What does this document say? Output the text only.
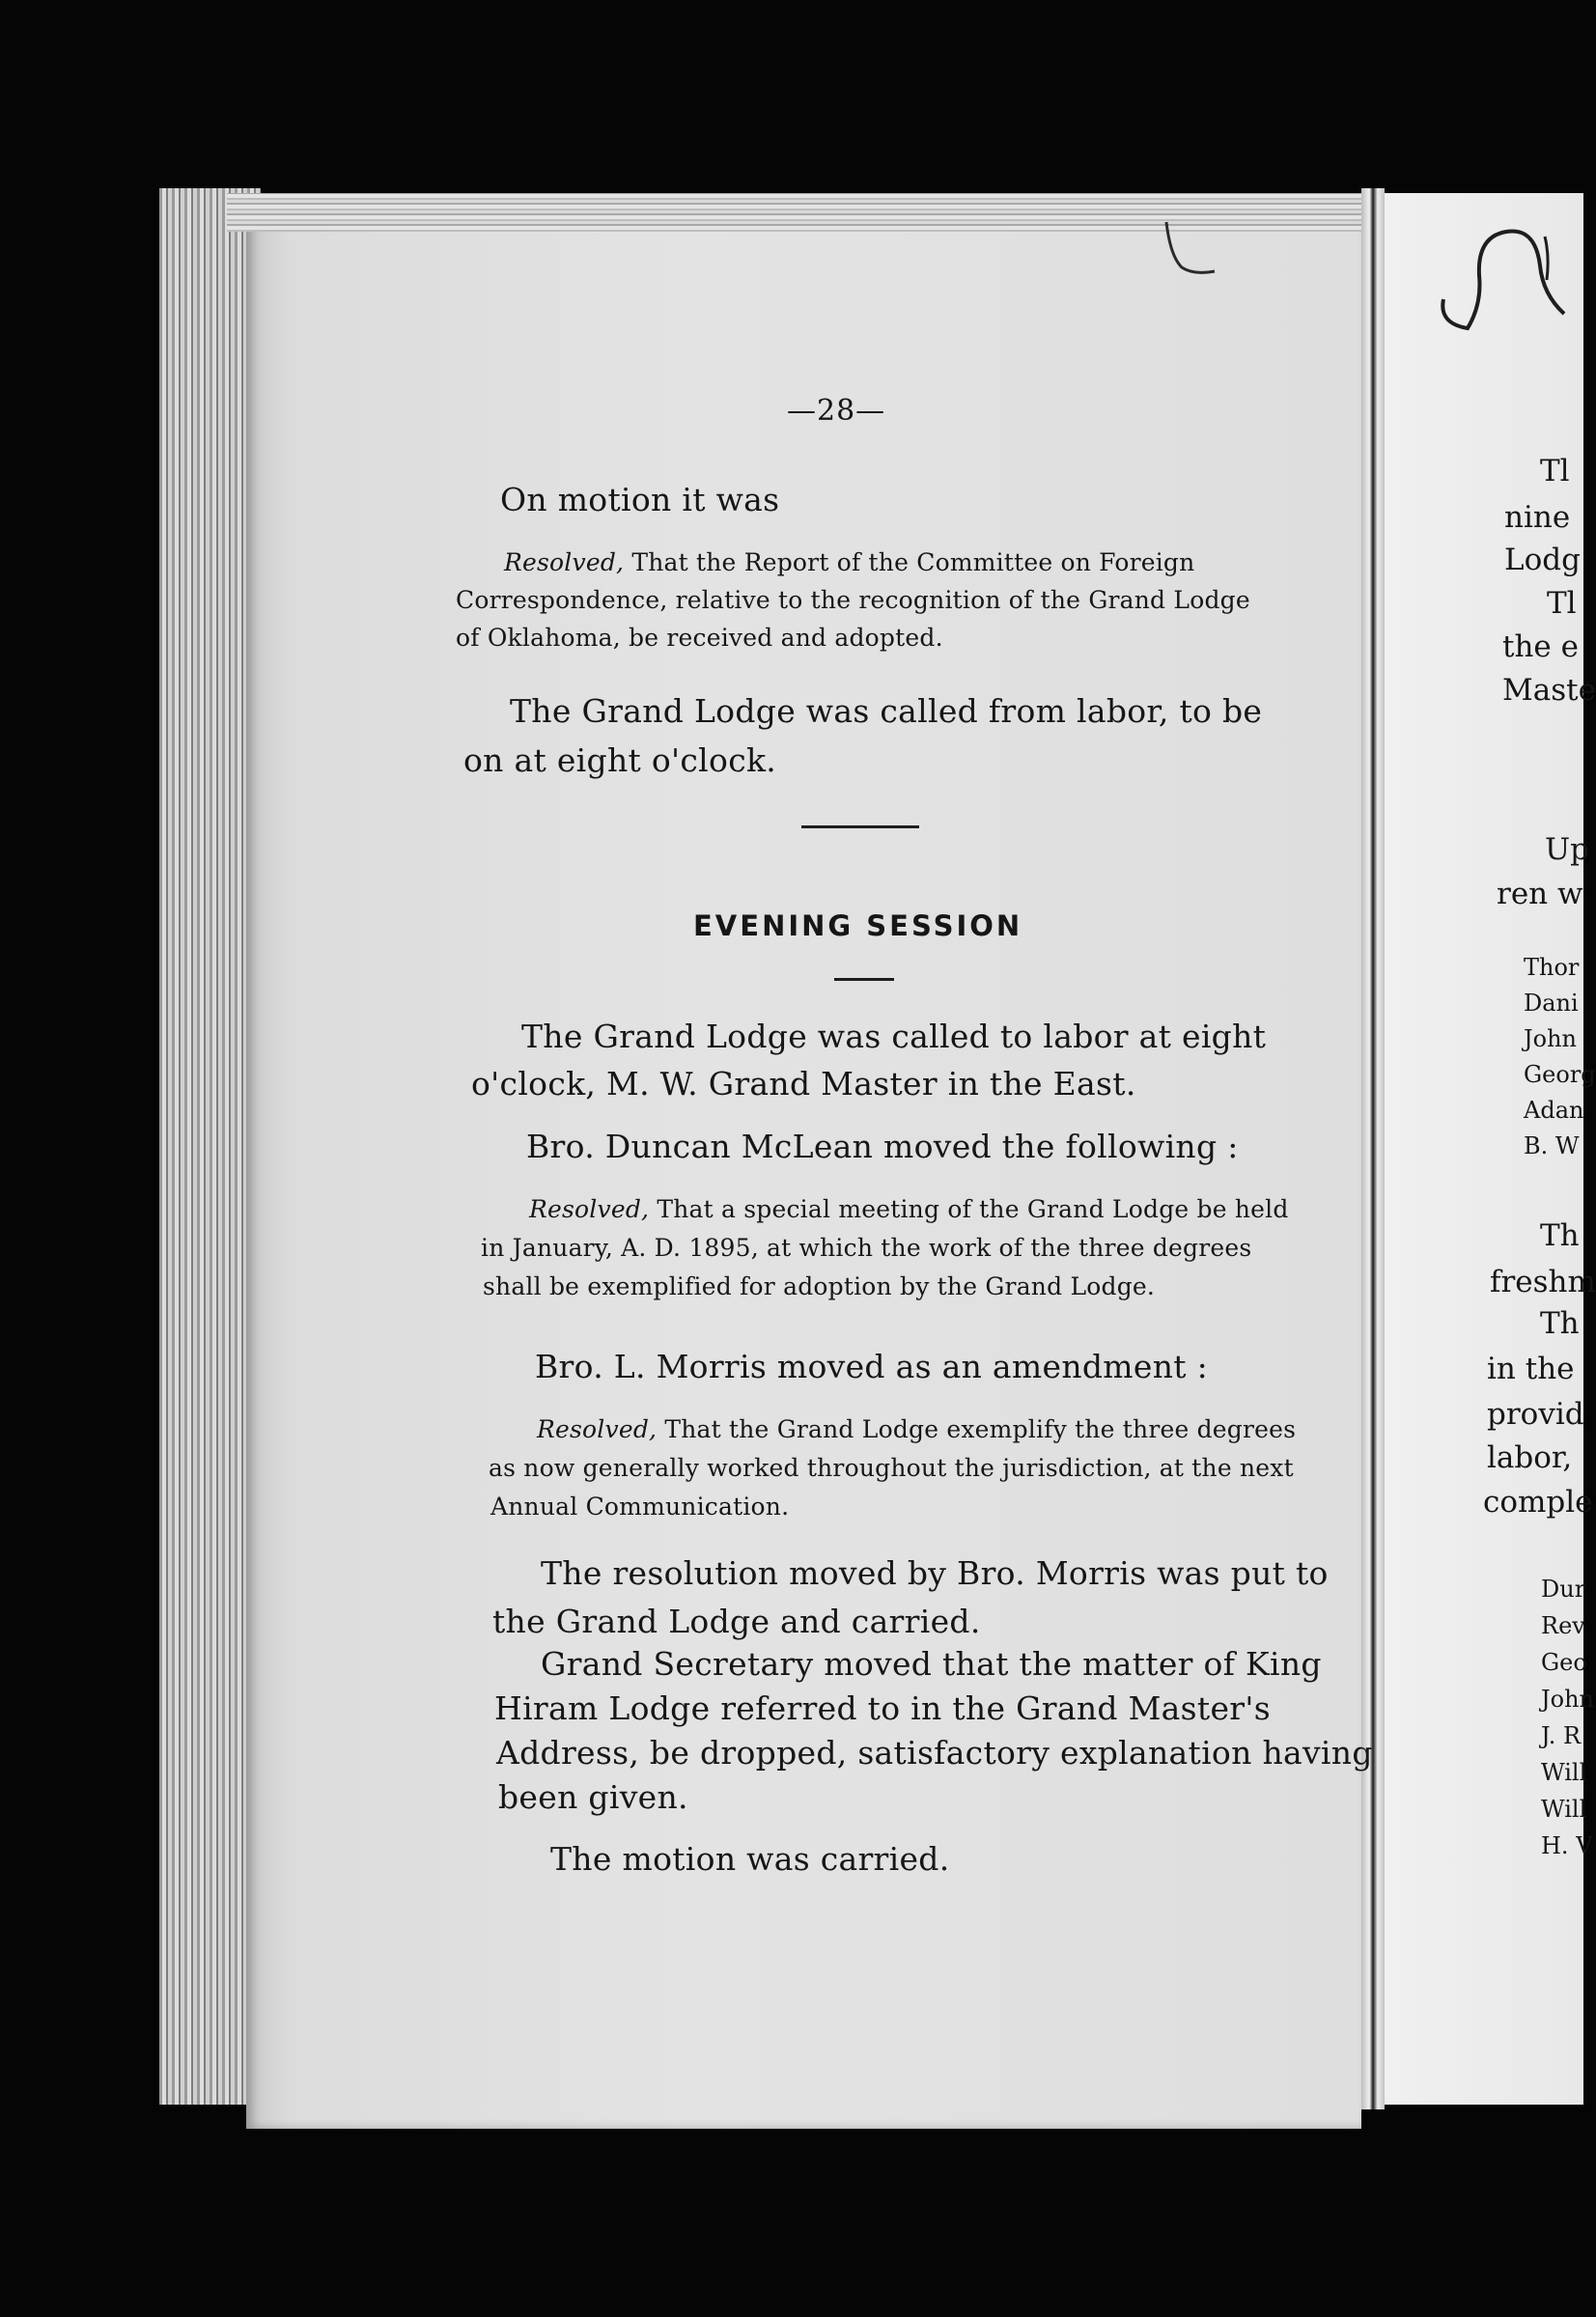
—28—
On motion it was
Resolved, That the Report of the Committee on Foreign
Correspondence, relative to the recognition of the Grand Lodge
of Oklahoma, be received and adopted.
The Grand Lodge was called from labor, to be
on at eight o'clock.
EVENING SESSION
The Grand Lodge was called to labor at eight
o'clock, M. W. Grand Master in the East.
Bro. Duncan McLean moved the following :
Resolved, That a special meeting of the Grand Lodge be held
in January, A. D. 1895, at which the work of the three degrees
shall be exemplified for adoption by the Grand Lodge.
Bro. L. Morris moved as an amendment :
Resolved, That the Grand Lodge exemplify the three degrees
as now generally worked throughout the jurisdiction, at the next
Annual Communication.
The resolution moved by Bro. Morris was put to
the Grand Lodge and carried.
Grand Secretary moved that the matter of King
Hiram Lodge referred to in the Grand Master's
Address, be dropped, satisfactory explanation having
been given.
The motion was carried.
Tl
nine
Lodg
Tl
the e
Maste
Up
ren w
Thor
Dani
John
Georg
Adan
B. W
Th
freshm
Th
in the
provid
labor,
comple
Dur
Rev
Geo
John
J. R
Will
Will
H. V
